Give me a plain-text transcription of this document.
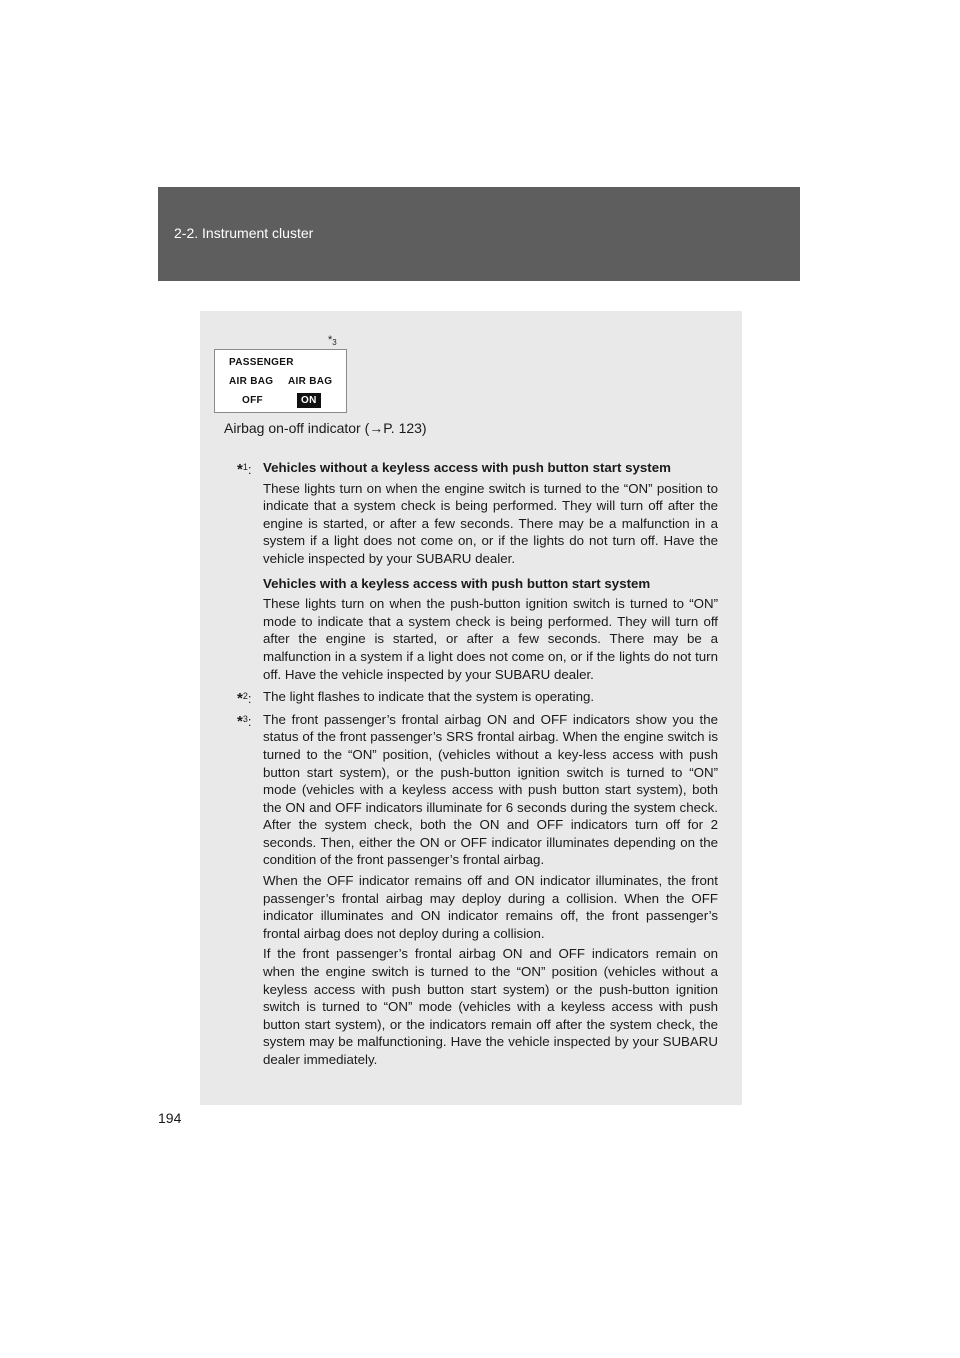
2-2. Instrument cluster
$*_3$
PASSENGER
AIR BAG AIR BAG
OFF	ON
Airbag on-off indicator (→P. 123)
*$^1$: Vehicles without a keyless access with push button start system
These lights turn on when the engine switch is turned to the “ON” position to indicate that a system check is being performed. They will turn off after the engine is started, or after a few seconds. There may be a malfunction in a system if a light does not come on, or if the lights do not turn off. Have the vehicle inspected by your SUBARU dealer.
Vehicles with a keyless access with push button start system
These lights turn on when the push-button ignition switch is turned to “ON” mode to indicate that a system check is being performed. They will turn off after the engine is started, or after a few seconds. There may be a malfunction in a system if a light does not come on, or if the lights do not turn off. Have the vehicle inspected by your SUBARU dealer.
*$^2$: The light flashes to indicate that the system is operating.
*$^3$: The front passenger’s frontal airbag ON and OFF indicators show you the status of the front passenger’s SRS frontal airbag. When the engine switch is turned to the “ON” position, (vehicles without a key-less access with push button start system), or the push-button ignition switch is turned to “ON” mode (vehicles with a keyless access with push button start system), both the ON and OFF indicators illuminate for 6 seconds during the system check. After the system check, both the ON and OFF indicators turn off for 2 seconds. Then, either the ON or OFF indicator illuminates depending on the condition of the front passenger’s frontal airbag.
When the OFF indicator remains off and ON indicator illuminates, the front passenger’s frontal airbag may deploy during a collision. When the OFF indicator illuminates and ON indicator remains off, the front passenger’s frontal airbag does not deploy during a collision.
If the front passenger’s frontal airbag ON and OFF indicators remain on when the engine switch is turned to the “ON” position (vehicles without a keyless access with push button start system) or the push-button ignition switch is turned to “ON” mode (vehicles with a keyless access with push button start system), or the indicators remain off after the system check, the system may be malfunctioning. Have the vehicle inspected by your SUBARU dealer immediately.
194
